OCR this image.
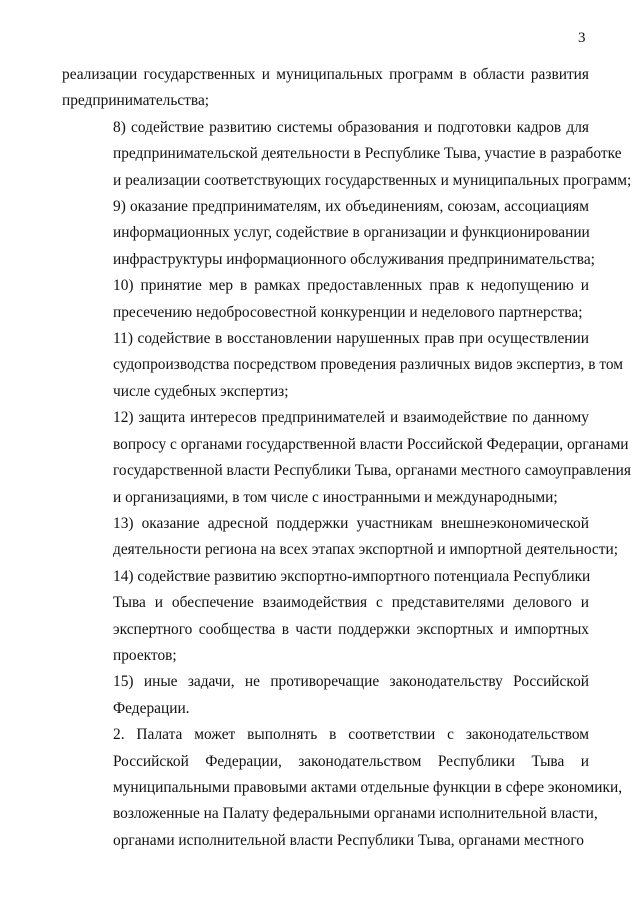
3

реализации государственных и муниципальных программ в области развития
предпринимательства;

8) содействие развитию системы образования и подготовки кадров для
предпринимательской деятельности в Республике Тыва, участие в разработке
и реализации соответствующих государственных и муниципальных программ;

9) оказание предпринимателям, их объединениям, союзам, ассоциациям
информационных услуг, содействие в организации и функционировании
инфраструктуры информационного обслуживания предпринимательства;

10) принятие мер в рамках предоставленных прав к недопущению и
пресечению недобросовестной конкуренции и неделового партнерства;

11) содействие в восстановлении нарушенных прав при осуществлении
судопроизводства посредством проведения различных видов экспертиз, в том
числе судебных экспертиз;

12) защита интересов предпринимателей и взаимодействие по данному
вопросу с органами государственной власти Российской Федерации, органами
государственной власти Республики Тыва, органами местного самоуправления
и организациями, в том числе с иностранными и международными;

13) оказание адресной поддержки участникам внешнеэкономической
деятельности региона на всех этапах экспортной и импортной деятельности;

14) содействие развитию экспортно-импортного потенциала Республики
Тыва и обеспечение взаимодействия с представителями делового и
экспертного сообщества в части поддержки экспортных и импортных
проектов;

15) иные задачи, не противоречащие законодательству Российской
Федерации.

2. Палата может выполнять в соответствии с законодательством
Российской Федерации, законодательством Республики Тыва и
муниципальными правовыми актами отдельные функции в сфере экономики,
возложенные на Палату федеральными органами исполнительной власти,
органами исполнительной власти Республики Тыва, органами местного
